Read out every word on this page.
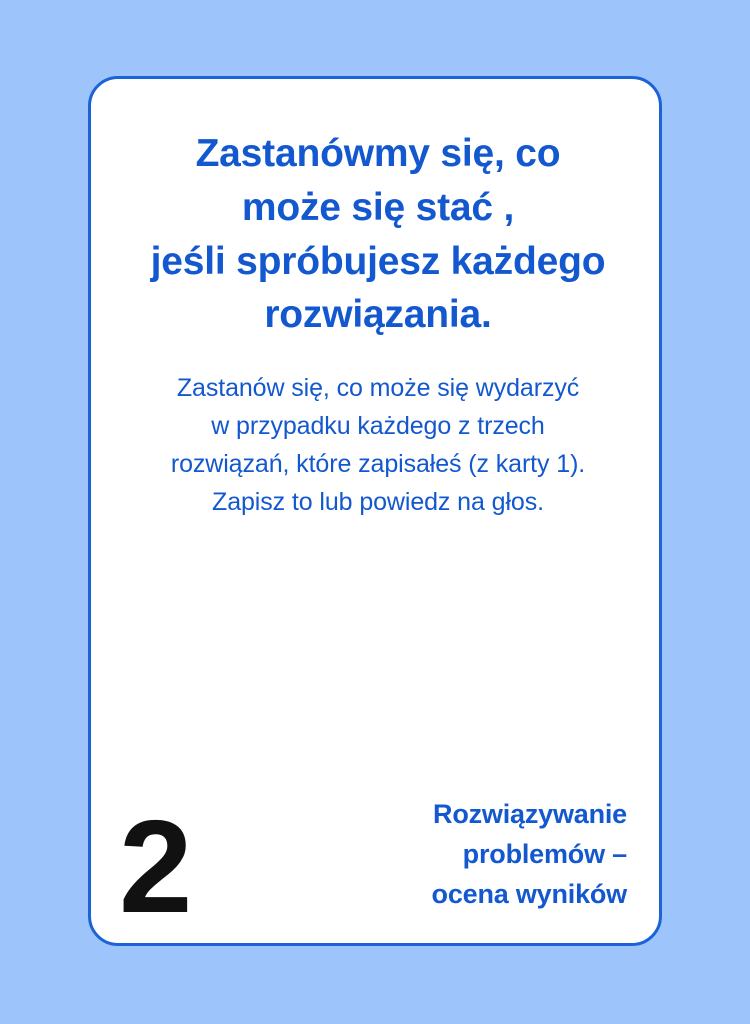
Zastanówmy się, co
może się stać ,
jeśli spróbujesz każdego
rozwiązania.
Zastanów się, co może się wydarzyć
w przypadku każdego z trzech
rozwiązań, które zapisałeś (z karty 1).
Zapisz to lub powiedz na głos.
2	Rozwiązywanie
problemów –
ocena wyników
